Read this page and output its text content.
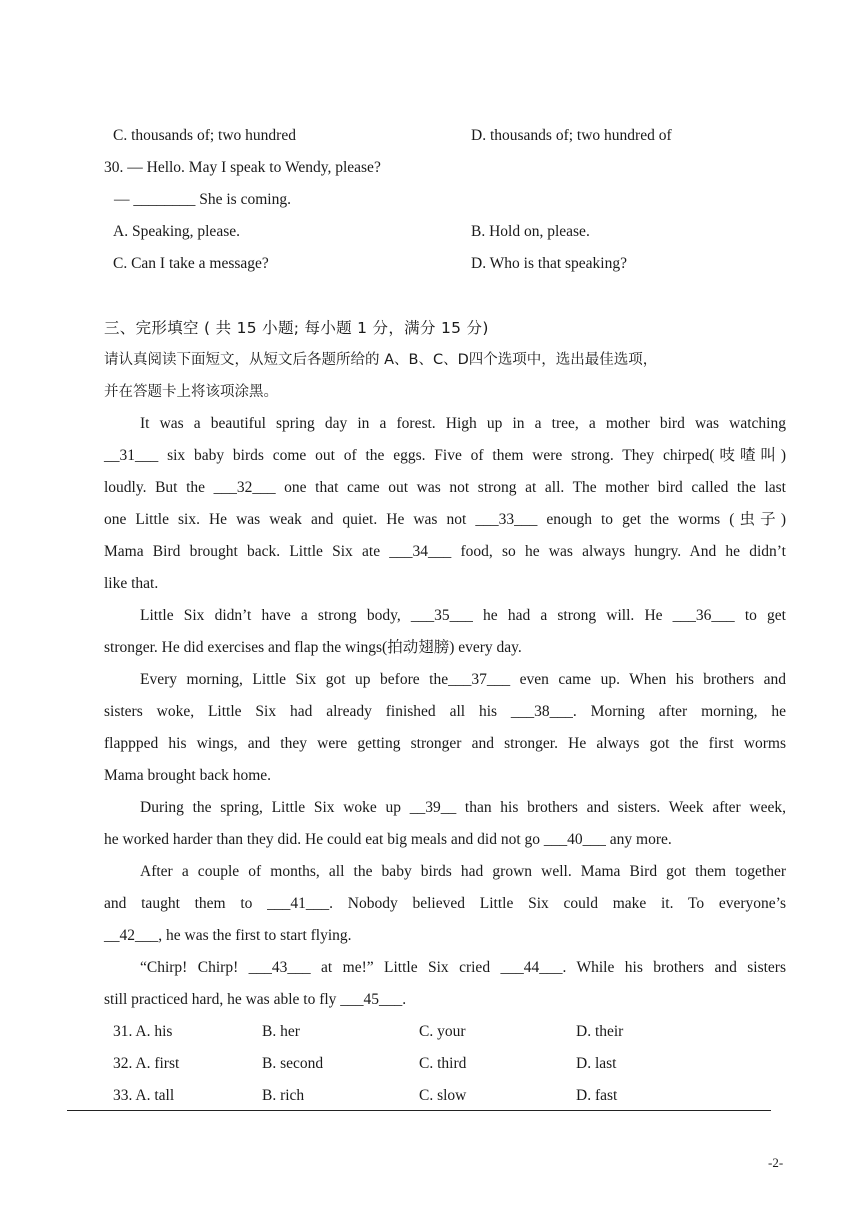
C. thousands of; two hundred	D. thousands of; two hundred of
30. — Hello. May I speak to Wendy, please?
— ________ She is coming.
A. Speaking, please.	B. Hold on, please.
C. Can I take a message?	D. Who is that speaking?
三、完形填空 ( 共 15 小题; 每小题 1 分，满分 15 分)
请认真阅读下面短文，从短文后各题所给的 A、B、C、D四个选项中，选出最佳选项，
并在答题卡上将该项涂黑。
It was a beautiful spring day in a forest. High up in a tree, a mother bird was watching
__31___ six baby birds come out of the eggs. Five of them were strong. They chirped(吱喳叫)
loudly. But the ___32___ one that came out was not strong at all. The mother bird called the last
one Little six. He was weak and quiet. He was not ___33___ enough to get the worms (虫子)
Mama Bird brought back. Little Six ate ___34___ food, so he was always hungry. And he didn’t
like that.
Little Six didn’t have a strong body, ___35___ he had a strong will. He ___36___ to get
stronger. He did exercises and flap the wings(拍动翅膀) every day.
Every morning, Little Six got up before the___37___ even came up. When his brothers and
sisters woke, Little Six had already finished all his ___38___. Morning after morning, he
flappped his wings, and they were getting stronger and stronger. He always got the first worms
Mama brought back home.
During the spring, Little Six woke up __39__ than his brothers and sisters. Week after week,
he worked harder than they did. He could eat big meals and did not go ___40___ any more.
After a couple of months, all the baby birds had grown well. Mama Bird got them together
and taught them to ___41___. Nobody believed Little Six could make it. To everyone’s
__42___, he was the first to start flying.
“Chirp! Chirp! ___43___ at me!” Little Six cried ___44___. While his brothers and sisters
still practiced hard, he was able to fly ___45___.
31. A. his	B. her	C. your	D. their
32. A. first	B. second	C. third	D. last
33. A. tall	B. rich	C. slow	D. fast
-2-
